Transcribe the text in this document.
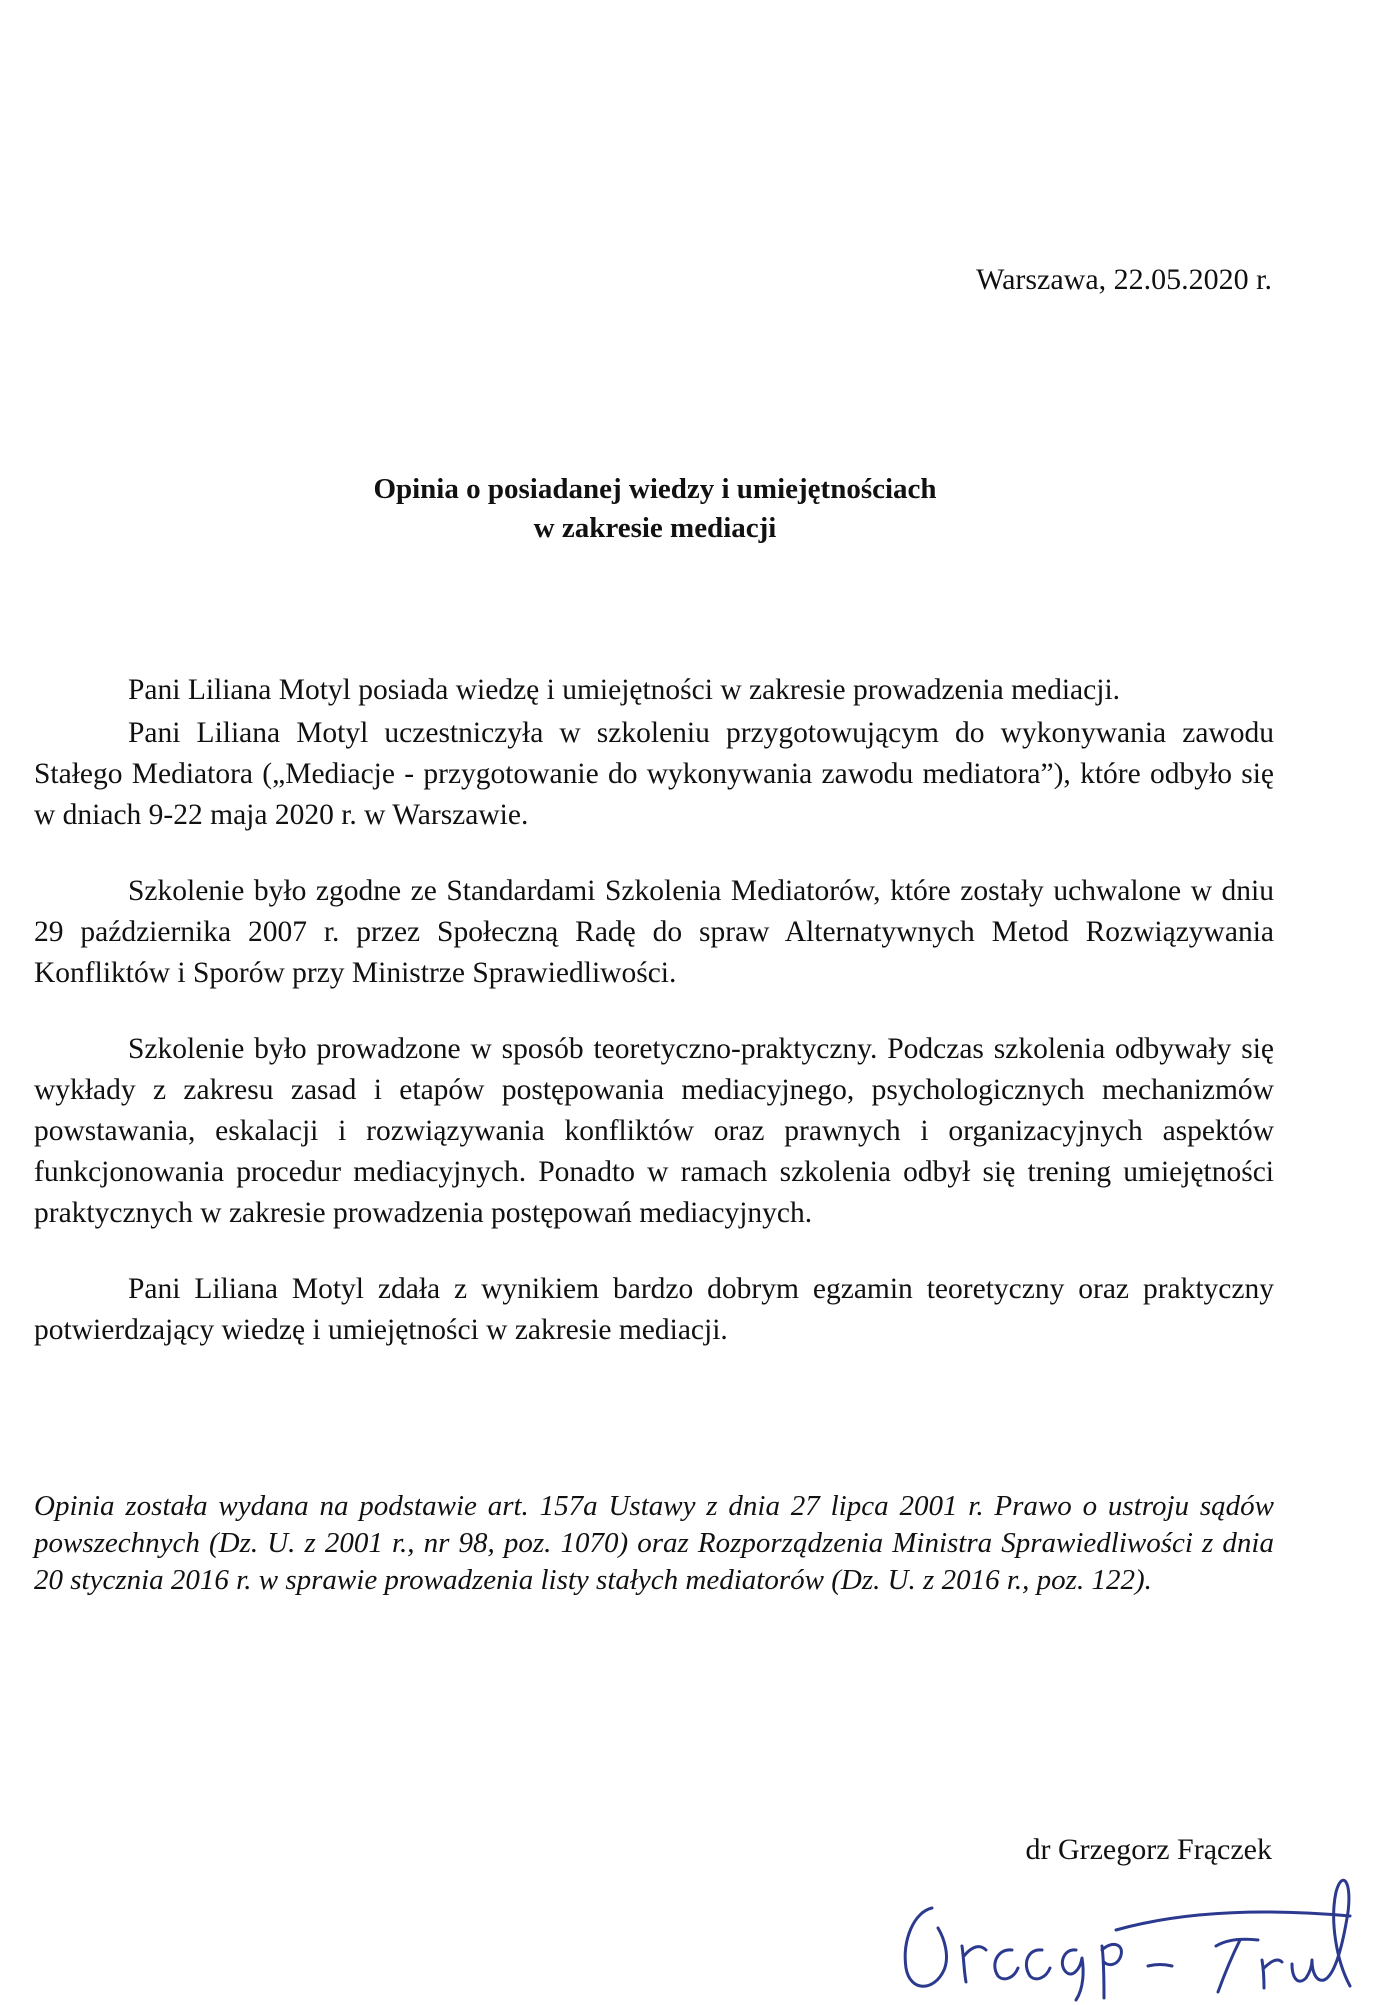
Warszawa, 22.05.2020 r.
Opinia o posiadanej wiedzy i umiejętnościach
w zakresie mediacji

Pani Liliana Motyl posiada wiedzę i umiejętności w zakresie prowadzenia mediacji.

Pani Liliana Motyl uczestniczyła w szkoleniu przygotowującym do wykonywania zawodu Stałego Mediatora („Mediacje - przygotowanie do wykonywania zawodu mediatora”), które odbyło się w dniach 9-22 maja 2020 r. w Warszawie.

Szkolenie było zgodne ze Standardami Szkolenia Mediatorów, które zostały uchwalone w dniu 29 października 2007 r. przez Społeczną Radę do spraw Alternatywnych Metod Rozwiązywania Konfliktów i Sporów przy Ministrze Sprawiedliwości.

Szkolenie było prowadzone w sposób teoretyczno-praktyczny. Podczas szkolenia odbywały się wykłady z zakresu zasad i etapów postępowania mediacyjnego, psychologicznych mechanizmów powstawania, eskalacji i rozwiązywania konfliktów oraz prawnych i organizacyjnych aspektów funkcjonowania procedur mediacyjnych. Ponadto w ramach szkolenia odbył się trening umiejętności praktycznych w zakresie prowadzenia postępowań mediacyjnych.

Pani Liliana Motyl zdała z wynikiem bardzo dobrym egzamin teoretyczny oraz praktyczny potwierdzający wiedzę i umiejętności w zakresie mediacji.

Opinia została wydana na podstawie art. 157a Ustawy z dnia 27 lipca 2001 r. Prawo o ustroju sądów powszechnych (Dz. U. z 2001 r., nr 98, poz. 1070) oraz Rozporządzenia Ministra Sprawiedliwości z dnia 20 stycznia 2016 r. w sprawie prowadzenia listy stałych mediatorów (Dz. U. z 2016 r., poz. 122).
dr Grzegorz Frączek
